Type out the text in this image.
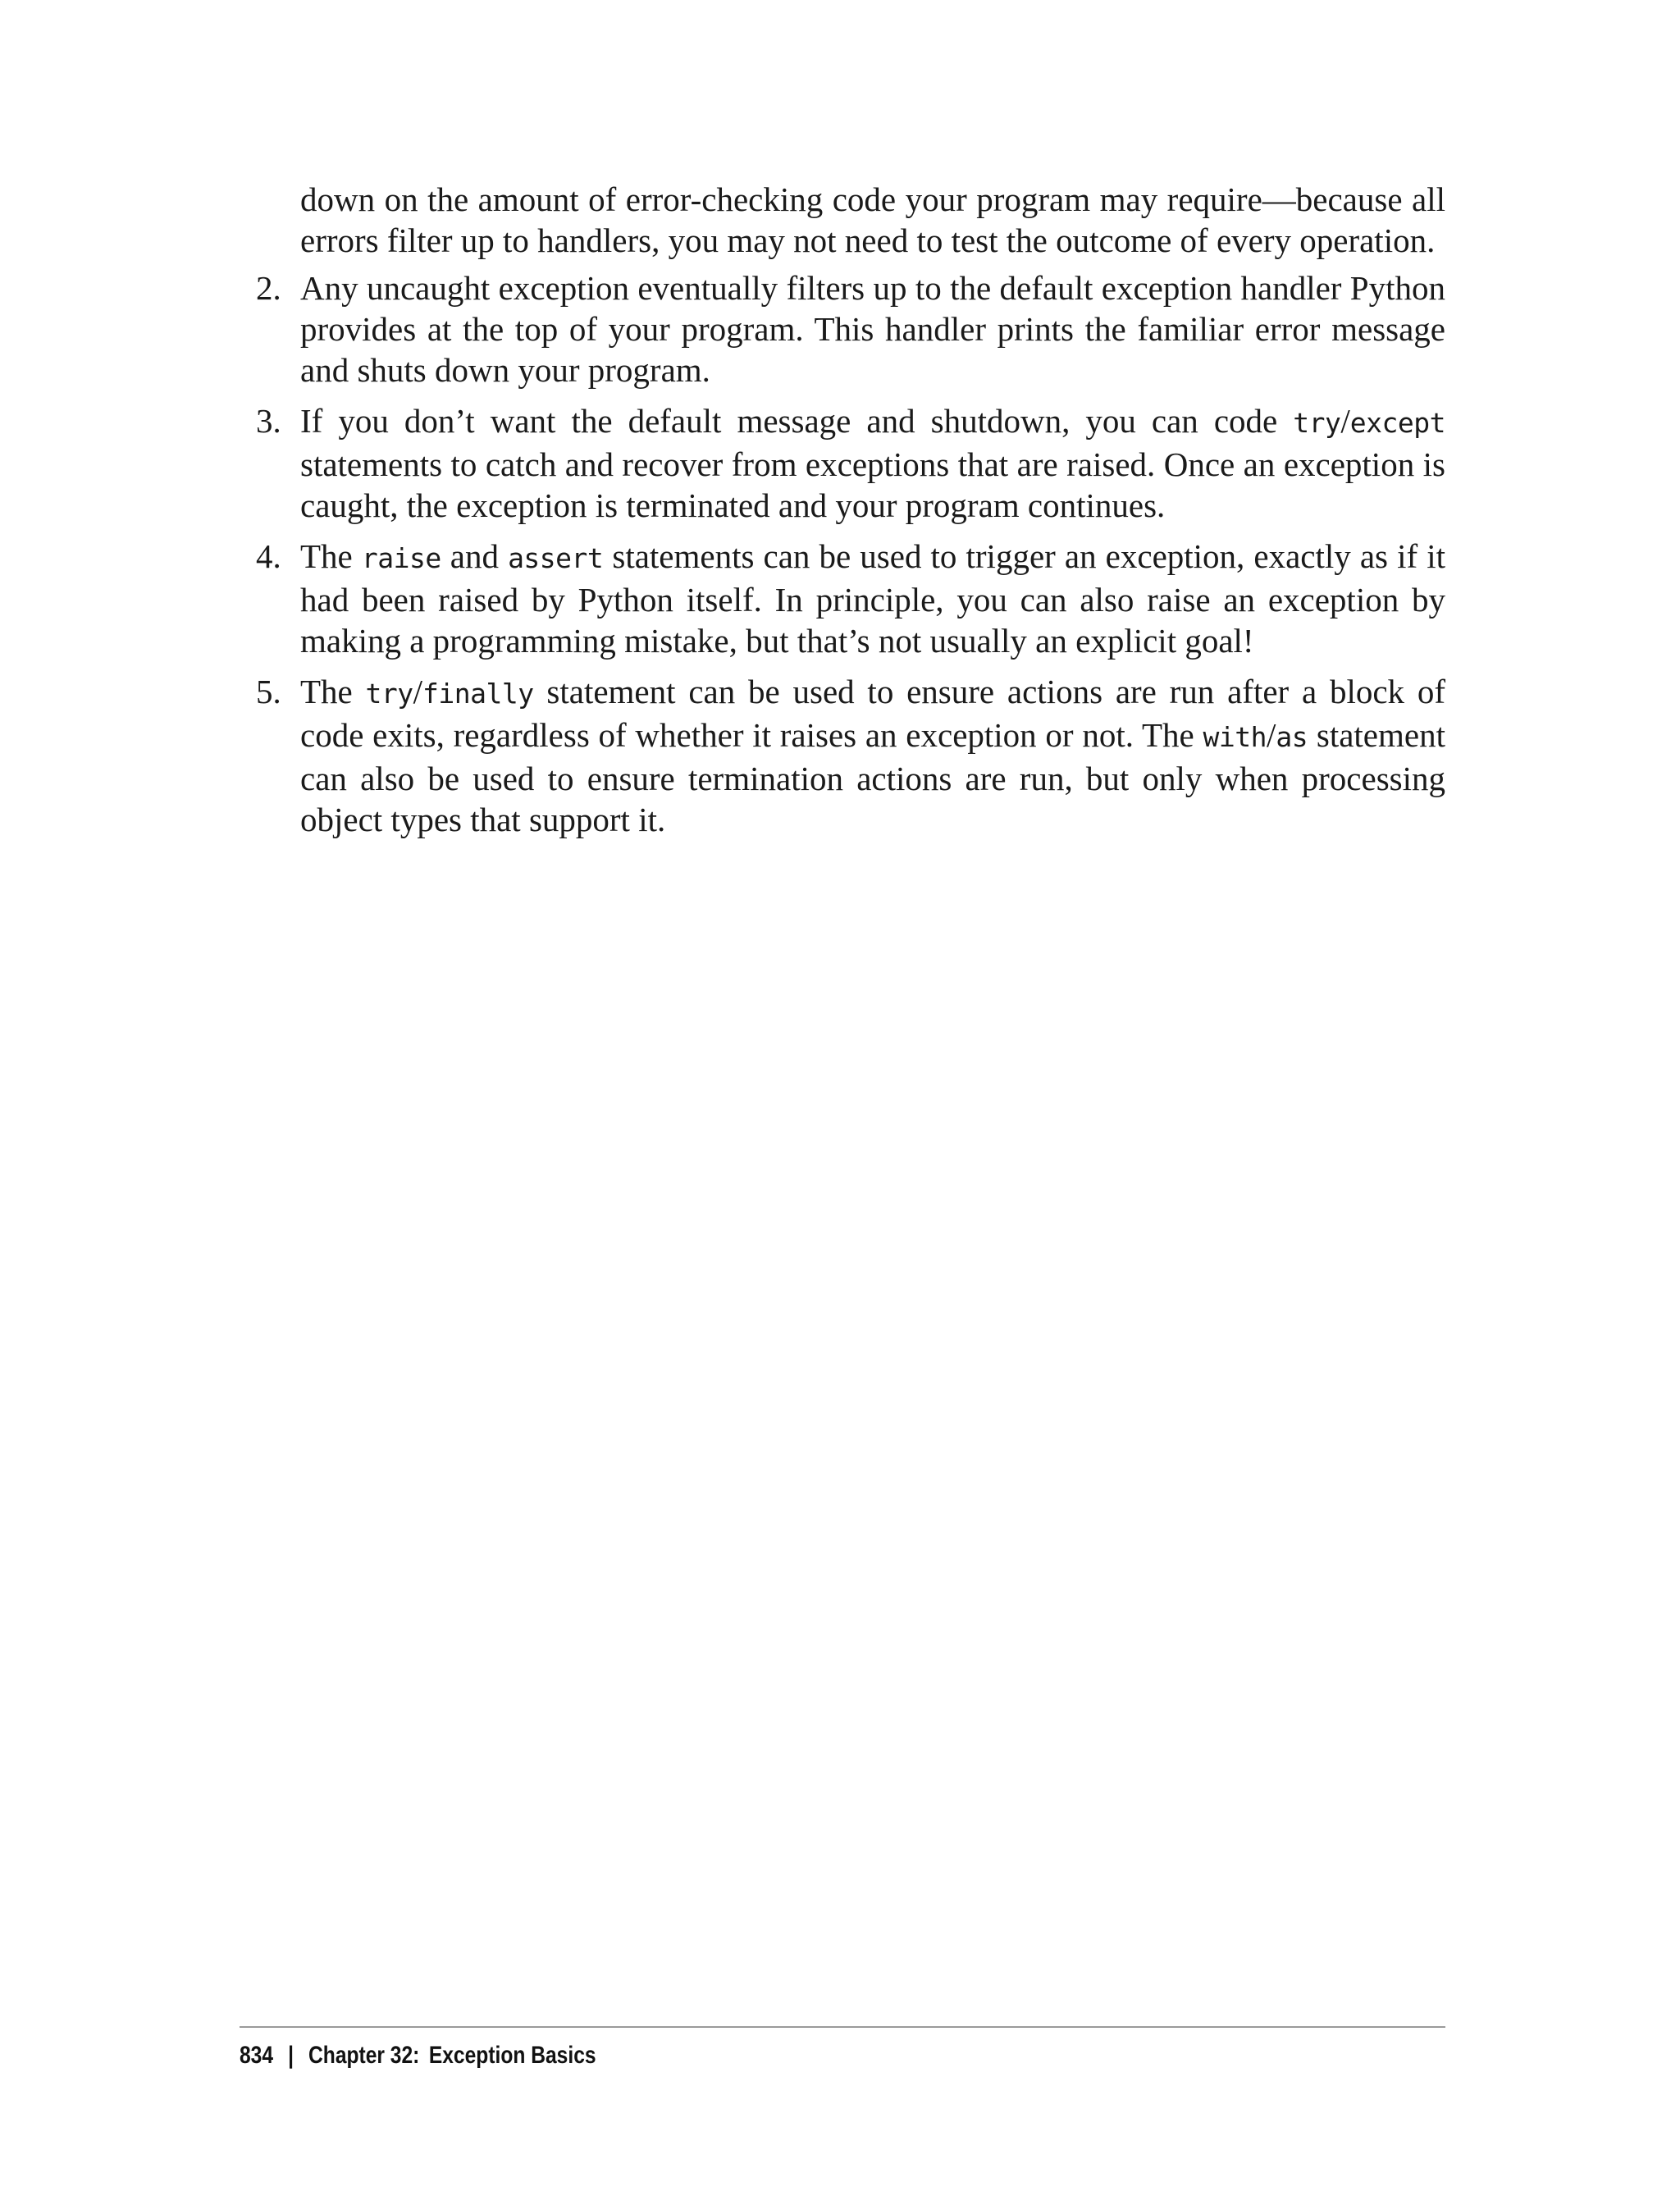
down on the amount of error-checking code your program may require—because all errors filter up to handlers, you may not need to test the outcome of every operation.

2. Any uncaught exception eventually filters up to the default exception handler Python provides at the top of your program. This handler prints the familiar error message and shuts down your program.
3. If you don’t want the default message and shutdown, you can code try/except statements to catch and recover from exceptions that are raised. Once an exception is caught, the exception is terminated and your program continues.
4. The raise and assert statements can be used to trigger an exception, exactly as if it had been raised by Python itself. In principle, you can also raise an exception by making a programming mistake, but that’s not usually an explicit goal!
5. The try/finally statement can be used to ensure actions are run after a block of code exits, regardless of whether it raises an exception or not. The with/as statement can also be used to ensure termination actions are run, but only when processing object types that support it.
834 | Chapter 32: Exception Basics
